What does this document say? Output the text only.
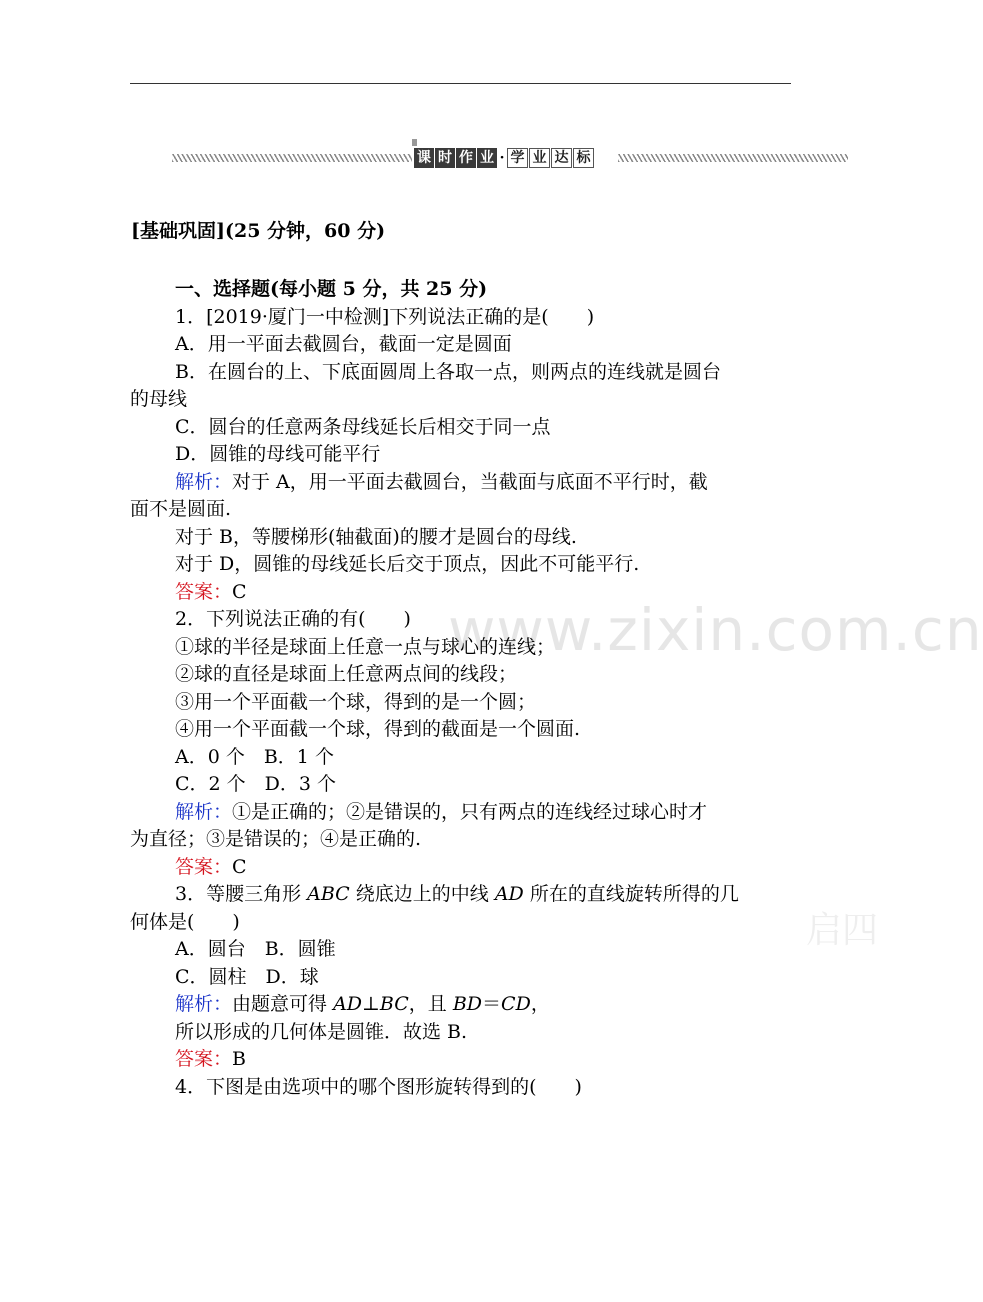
课 时 作 业 · 学 业 达 标
www.zixin.com.cn
启四
[基础巩固](25 分钟，60 分)
一、选择题(每小题 5 分，共 25 分)
1．[2019·厦门一中检测]下列说法正确的是(　　)
A．用一平面去截圆台，截面一定是圆面
B．在圆台的上、下底面圆周上各取一点，则两点的连线就是圆台
的母线
C．圆台的任意两条母线延长后相交于同一点
D．圆锥的母线可能平行
解析：对于 A，用一平面去截圆台，当截面与底面不平行时，截
面不是圆面.
对于 B，等腰梯形(轴截面)的腰才是圆台的母线.
对于 D，圆锥的母线延长后交于顶点，因此不可能平行.
答案：C
2．下列说法正确的有(　　)
①球的半径是球面上任意一点与球心的连线；
②球的直径是球面上任意两点间的线段；
③用一个平面截一个球，得到的是一个圆；
④用一个平面截一个球，得到的截面是一个圆面.
A．0 个　B．1 个
C．2 个　D．3 个
解析：①是正确的；②是错误的，只有两点的连线经过球心时才
为直径；③是错误的；④是正确的.
答案：C
3．等腰三角形 ABC 绕底边上的中线 AD 所在的直线旋转所得的几
何体是(　　)
A．圆台　B．圆锥
C．圆柱　D．球
解析：由题意可得 AD⊥BC，且 BD＝CD，
所以形成的几何体是圆锥．故选 B.
答案：B
4．下图是由选项中的哪个图形旋转得到的(　　)
